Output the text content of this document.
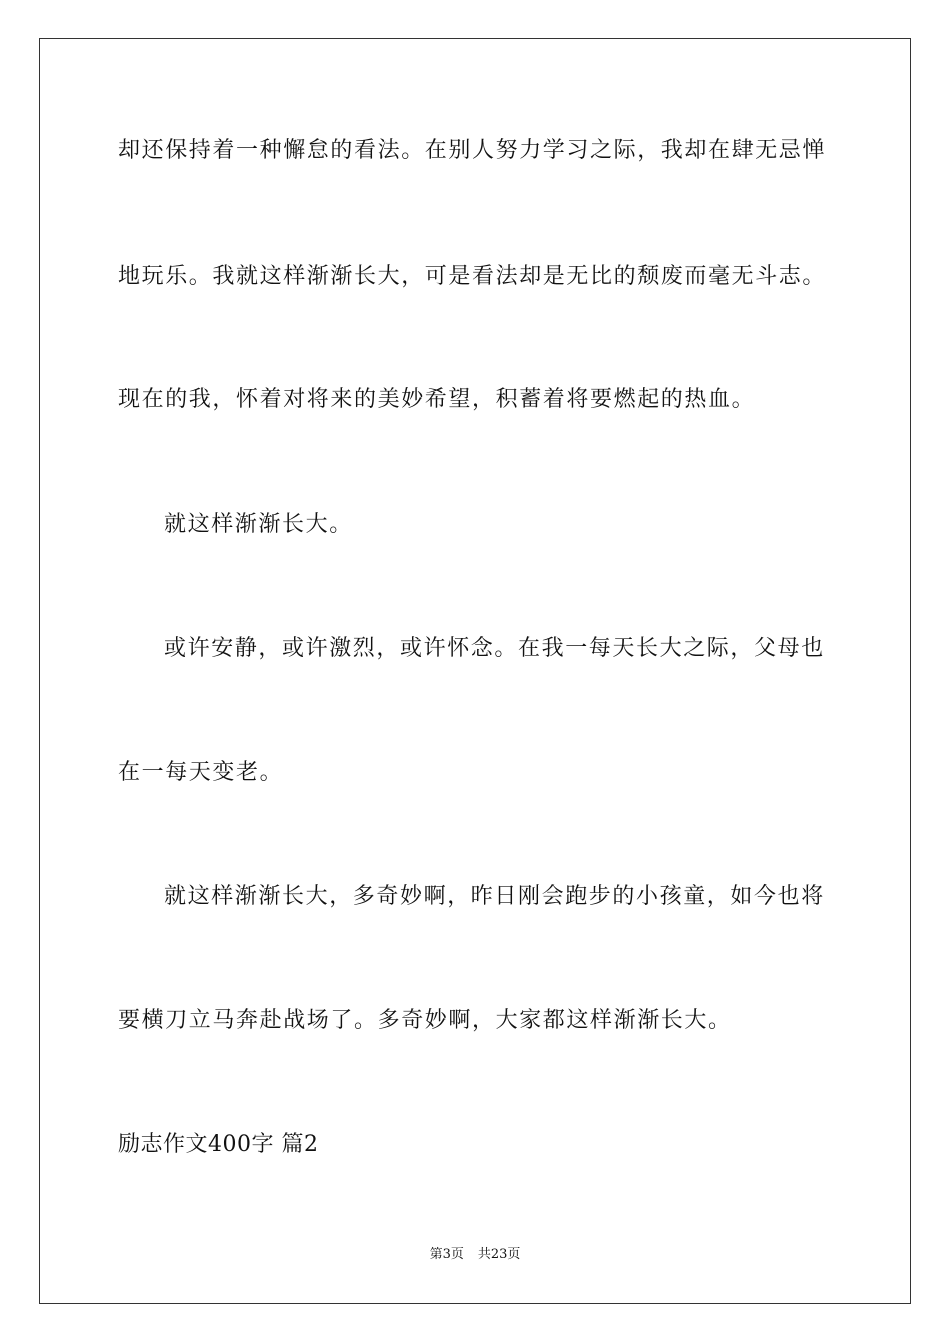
却还保持着一种懈怠的看法。在别人努力学习之际，我却在肆无忌惮
地玩乐。我就这样渐渐长大，可是看法却是无比的颓废而毫无斗志。
现在的我，怀着对将来的美妙希望，积蓄着将要燃起的热血。
就这样渐渐长大。
或许安静，或许激烈，或许怀念。在我一每天长大之际，父母也
在一每天变老。
就这样渐渐长大，多奇妙啊，昨日刚会跑步的小孩童，如今也将
要横刀立马奔赴战场了。多奇妙啊，大家都这样渐渐长大。
励志作文400字 篇2
第3页 共23页
